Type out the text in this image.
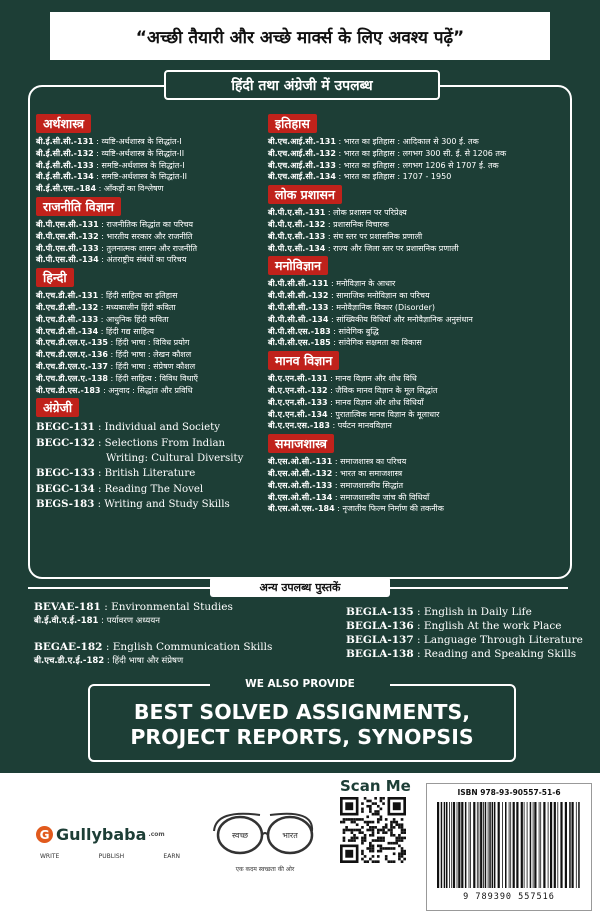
“अच्छी तैयारी और अच्छे मार्क्स के लिए अवश्य पढ़ें”
हिंदी तथा अंग्रेजी में उपलब्ध
अर्थशास्त्र
बी.ई.सी.सी.-131 : व्यष्टि-अर्थशास्त्र के सिद्धांत-I
बी.ई.सी.सी.-132 : व्यष्टि-अर्थशास्त्र के सिद्धांत-II
बी.ई.सी.सी.-133 : समष्टि-अर्थशास्त्र के सिद्धांत-I
बी.ई.सी.सी.-134 : समष्टि-अर्थशास्त्र के सिद्धांत-II
बी.ई.सी.एस.-184 : आँकड़ों का विश्लेषण
राजनीति विज्ञान
बी.पी.एस.सी.-131 : राजनीतिक सिद्धांत का परिचय
बी.पी.एस.सी.-132 : भारतीय सरकार और राजनीति
बी.पी.एस.सी.-133 : तुलनात्मक शासन और राजनीति
बी.पी.एस.सी.-134 : अंतराष्ट्रीय संबंधों का परिचय
हिन्दी
बी.एच.डी.सी.-131 : हिंदी साहित्य का इतिहास
बी.एच.डी.सी.-132 : मध्यकालीन हिंदी कविता
बी.एच.डी.सी.-133 : आधुनिक हिंदी कविता
बी.एच.डी.सी.-134 : हिंदी गद्य साहित्य
बी.एच.डी.एल.ए.-135 : हिंदी भाषा : विविध प्रयोग
बी.एच.डी.एल.ए.-136 : हिंदी भाषा : लेखन कौशल
बी.एच.डी.एल.ए.-137 : हिंदी भाषा : संप्रेषण कौशल
बी.एच.डी.एल.ए.-138 : हिंदी साहित्य : विविध विधाएँ
बी.एच.डी.एस.-183 : अनुवाद : सिद्धांत और प्रविधि
अंग्रेजी
BEGC-131 : Individual and Society
BEGC-132 : Selections From Indian
Writing: Cultural Diversity
BEGC-133 : British Literature
BEGC-134 : Reading The Novel
BEGS-183 : Writing and Study Skills
इतिहास
बी.एच.आई.सी.-131 : भारत का इतिहास : आदिकाल से 300 ई. तक
बी.एच.आई.सी.-132 : भारत का इतिहास : लगभग 300 सी. ई. से 1206 तक
बी.एच.आई.सी.-133 : भारत का इतिहास : लगभग 1206 से 1707 ई. तक
बी.एच.आई.सी.-134 : भारत का इतिहास : 1707 - 1950
लोक प्रशासन
बी.पी.ए.सी.-131 : लोक प्रशासन पर परिप्रेक्ष्य
बी.पी.ए.सी.-132 : प्रशासनिक विचारक
बी.पी.ए.सी.-133 : संघ स्तर पर प्रशासनिक प्रणाली
बी.पी.ए.सी.-134 : राज्य और जिला स्तर पर प्रशासनिक प्रणाली
मनोविज्ञान
बी.पी.सी.सी.-131 : मनोविज्ञान के आधार
बी.पी.सी.सी.-132 : सामाजिक मनोविज्ञान का परिचय
बी.पी.सी.सी.-133 : मनोवैज्ञानिक विकार (Disorder)
बी.पी.सी.सी.-134 : सांख्यिकीय विधियाँ और मनोवैज्ञानिक अनुसंधान
बी.पी.सी.एस.-183 : सांवेगिक बुद्धि
बी.पी.सी.एस.-185 : सांवेगिक सक्षमता का विकास
मानव विज्ञान
बी.ए.एन.सी.-131 : मानव विज्ञान और शोध विधि
बी.ए.एन.सी.-132 : जैविक मानव विज्ञान के मूल सिद्धांत
बी.ए.एन.सी.-133 : मानव विज्ञान और शोध विधियाँ
बी.ए.एन.सी.-134 : पुरातात्विक मानव विज्ञान के मूलाधार
बी.ए.एन.एस.-183 : पर्यटन मानवविज्ञान
समाजशास्त्र
बी.एस.ओ.सी.-131 : समाजशास्त्र का परिचय
बी.एस.ओ.सी.-132 : भारत का समाजशास्त्र
बी.एस.ओ.सी.-133 : समाजशास्त्रीय सिद्धांत
बी.एस.ओ.सी.-134 : समाजशास्त्रीय जांच की विधियाँ
बी.एस.ओ.एस.-184 : नृजातीय फिल्म निर्माण की तकनीक
अन्य उपलब्ध पुस्तकें
BEVAE-181 : Environmental Studies
बी.ई.वी.ए.ई.-181 : पर्यावरण अध्ययन
BEGAE-182 : English Communication Skills
बी.एच.डी.ए.ई.-182 : हिंदी भाषा और संप्रेषण
BEGLA-135 : English in Daily Life
BEGLA-136 : English At the work Place
BEGLA-137 : Language Through Literature
BEGLA-138 : Reading and Speaking Skills
WE ALSO PROVIDE
BEST SOLVED ASSIGNMENTS,
PROJECT REPORTS, SYNOPSIS
G Gullybaba .com
WRITE	PUBLISH	EARN
स्वच्छ	भारत
एक कदम स्वच्छता की ओर
Scan Me	ISBN 978-93-90557-51-6
9 789390 557516
